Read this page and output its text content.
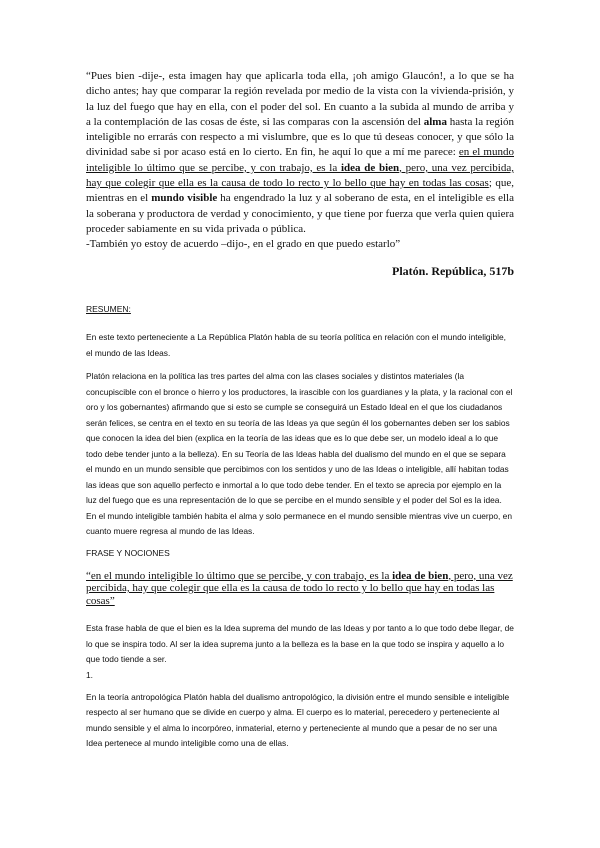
“Pues bien -dije-, esta imagen hay que aplicarla toda ella, ¡oh amigo Glaucón!, a lo que se ha dicho antes; hay que comparar la región revelada por medio de la vista con la vivienda-prisión, y la luz del fuego que hay en ella, con el poder del sol. En cuanto a la subida al mundo de arriba y a la contemplación de las cosas de éste, si las comparas con la ascensión del alma hasta la región inteligible no errarás con respecto a mi vislumbre, que es lo que tú deseas conocer, y que sólo la divinidad sabe si por acaso está en lo cierto. En fin, he aquí lo que a mí me parece: en el mundo inteligible lo último que se percibe, y con trabajo, es la idea de bien, pero, una vez percibida, hay que colegir que ella es la causa de todo lo recto y lo bello que hay en todas las cosas; que, mientras en el mundo visible ha engendrado la luz y al soberano de esta, en el inteligible es ella la soberana y productora de verdad y conocimiento, y que tiene por fuerza que verla quien quiera proceder sabiamente en su vida privada o pública.
-También yo estoy de acuerdo –dijo-, en el grado en que puedo estarlo”
Platón. República, 517b

RESUMEN:

En este texto perteneciente a La República Platón habla de su teoría política en relación con el mundo inteligible, el mundo de las Ideas.

Platón relaciona en la política las tres partes del alma con las clases sociales y distintos materiales (la concupiscible con el bronce o hierro y los productores, la irascible con los guardianes y la plata, y la racional con el oro y los gobernantes) afirmando que si esto se cumple se conseguirá un Estado Ideal en el que los ciudadanos serán felices, se centra en el texto en su teoría de las Ideas ya que según él los gobernantes deben ser los sabios que conocen la idea del bien (explica en la teoría de las ideas que es lo que debe ser, un modelo ideal a lo que todo debe tender junto a la belleza). En su Teoría de las Ideas habla del dualismo del mundo en el que se separa el mundo en un mundo sensible que percibimos con los sentidos y uno de las Ideas o inteligible, allí habitan todas las ideas que son aquello perfecto e inmortal a lo que todo debe tender. En el texto se aprecia por ejemplo en la luz del fuego que es una representación de lo que se percibe en el mundo sensible y el poder del Sol es la idea. En el mundo inteligible también habita el alma y solo permanece en el mundo sensible mientras vive un cuerpo, en cuanto muere regresa al mundo de las Ideas.

FRASE Y NOCIONES

“en el mundo inteligible lo último que se percibe, y con trabajo, es la idea de bien, pero, una vez percibida, hay que colegir que ella es la causa de todo lo recto y lo bello que hay en todas las cosas”

Esta frase habla de que el bien es la Idea suprema del mundo de las Ideas y por tanto a lo que todo debe llegar, de lo que se inspira todo. Al ser la idea suprema junto a la belleza es la base en la que todo se inspira y aquello a lo que todo tiende a ser.

1.

En la teoría antropológica Platón habla del dualismo antropológico, la división entre el mundo sensible e inteligible respecto al ser humano que se divide en cuerpo y alma. El cuerpo es lo material, perecedero y perteneciente al mundo sensible y el alma lo incorpóreo, inmaterial, eterno y perteneciente al mundo que a pesar de no ser una Idea pertenece al mundo inteligible como una de ellas.
